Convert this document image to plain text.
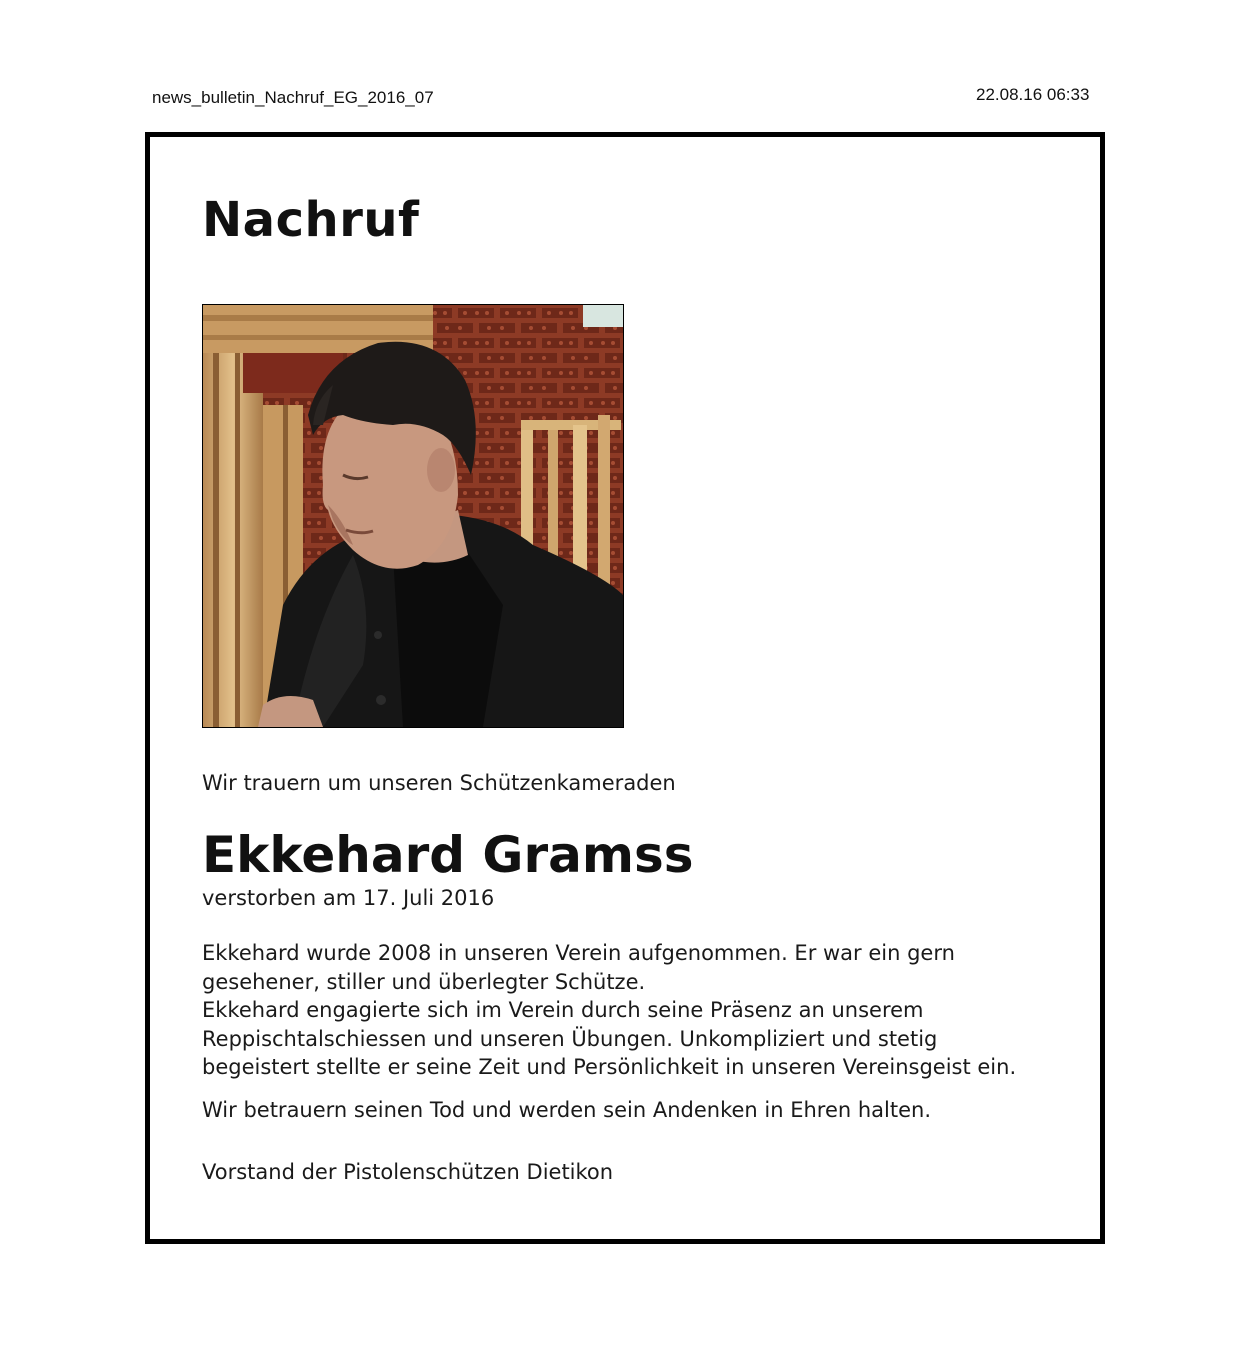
news_bulletin_Nachruf_EG_2016_07	22.08.16 06:33
Nachruf
Wir trauern um unseren Schützenkameraden
Ekkehard Gramss
verstorben am 17. Juli 2016
Ekkehard wurde 2008 in unseren Verein aufgenommen. Er war ein gern
gesehener, stiller und überlegter Schütze.
Ekkehard engagierte sich im Verein durch seine Präsenz an unserem
Reppischtalschiessen und unseren Übungen. Unkompliziert und stetig
begeistert stellte er seine Zeit und Persönlichkeit in unseren Vereinsgeist ein.
Wir betrauern seinen Tod und werden sein Andenken in Ehren halten.
Vorstand der Pistolenschützen Dietikon
